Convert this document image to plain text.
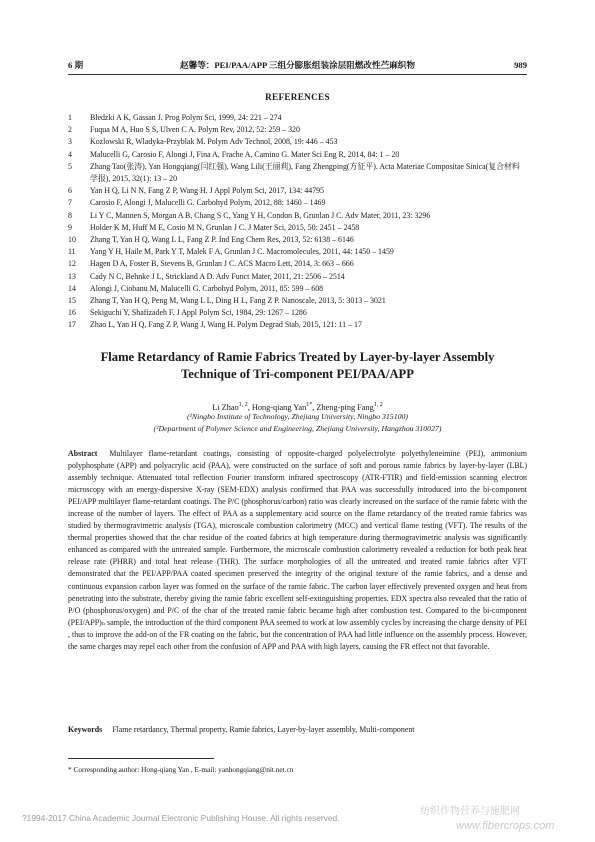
6 期	赵馨等：PEI/PAA/APP 三组分膨胀组装涂层阻燃改性苎麻织物	989
REFERENCES
1 Bledzki A K, Gassan J. Prog Polym Sci, 1999, 24: 221 – 274
2 Fuqua M A, Huo S S, Ulven C A. Polym Rev, 2012, 52: 259 – 320
3 Kozlowski R, Wladyka-Przyblak M. Polym Adv Technol, 2008, 19: 446 – 453
4 Malucelli G, Carosio F, Alongi J, Fina A, Frache A, Camino G. Mater Sci Eng R, 2014, 84: 1 – 20
5 Zhang Tao(张涛), Yan Hongqiang(闫红强), Wang Lili(王丽莉), Fang Zhengping(方征平). Acta Materiae Compositae Sinica(复合材料学报), 2015, 32(1): 13 – 20
6 Yan H Q, Li N N, Fang Z P, Wang H. J Appl Polym Sci, 2017, 134: 44795
7 Carosio F, Alongi J, Malucelli G. Carbohyd Polym, 2012, 88: 1460 – 1469
8 Li Y C, Mannen S, Morgan A B, Chang S C, Yang Y H, Condon B, Grunlan J C. Adv Mater, 2011, 23: 3296
9 Holder K M, Huff M E, Cosio M N, Grunlan J C. J Mater Sci, 2015, 50: 2451 – 2458
10 Zhang T, Yan H Q, Wang L L, Fang Z P. Ind Eng Chem Res, 2013, 52: 6138 – 6146
11 Yang Y H, Haile M, Park Y T, Malek F A, Grunlan J C. Macromolecules, 2011, 44: 1450 – 1459
12 Hagen D A, Foster B, Stevens B, Grunlan J C. ACS Macro Lett, 2014, 3: 663 – 666
13 Cady N C, Behnke J L, Strickland A D. Adv Funct Mater, 2011, 21: 2506 – 2514
14 Alongi J, Ciobanu M, Malucelli G. Carbohyd Polym, 2011, 85: 599 – 608
15 Zhang T, Yan H Q, Peng M, Wang L L, Ding H L, Fang Z P. Nanoscale, 2013, 5: 3013 – 3021
16 Sekiguchi Y, Shafizadeh F. J Appl Polym Sci, 1984, 29: 1267 – 1286
17 Zhao L, Yan H Q, Fang Z P, Wang J, Wang H. Polym Degrad Stab, 2015, 121: 11 – 17
Flame Retardancy of Ramie Fabrics Treated by Layer-by-layer Assembly
Technique of Tri-component PEI/PAA/APP
Li Zhao$^{1, 2}$, Hong-qiang Yan$^{1*}$, Zheng-ping Fang$^{1, 2}$
(¹Ningbo Institute of Technology, Zhejiang University, Ningbo 315100)
(²Department of Polymer Science and Engineering, Zhejiang University, Hangzhou 310027)
Abstract Multilayer flame-retardant coatings, consisting of opposite-charged polyelectrolyte polyethyleneimine (PEI), ammonium polyphosphate (APP) and polyacrylic acid (PAA), were constructed on the surface of soft and porous ramie fabrics by layer-by-layer (LBL) assembly technique. Attenuated total reflection Fourier transform infrared spectroscopy (ATR-FTIR) and field-emission scanning electron microscopy with an energy-dispersive X-ray (SEM-EDX) analysis confirmed that PAA was successfully introduced into the bi-component PEI/APP multilayer flame-retardant coatings. The P/C (phosphorus/carbon) ratio was clearly increased on the surface of the ramie fabric with the increase of the number of layers. The effect of PAA as a supplementary acid source on the flame retardancy of the treated ramie fabrics was studied by thermogravimetric analysis (TGA), microscale combustion calorimetry (MCC) and vertical flame testing (VFT). The results of the thermal properties showed that the char residue of the coated fabrics at high temperature during thermogravimetric analysis was significantly enhanced as compared with the untreated sample. Furthermore, the microscale combustion calorimetry revealed a reduction for both peak heat release rate (PHRR) and total heat release (THR). The surface morphologies of all the untreated and treated ramie fabrics after VFT demonstrated that the PEI/APP/PAA coated specimen preserved the integrity of the original texture of the ramie fabrics, and a dense and continuous expansion carbon layer was formed on the surface of the ramie fabric. The carbon layer effectively prevented oxygen and heat from penetrating into the substrate, thereby giving the ramie fabric excellent self-extinguishing properties. EDX spectra also revealed that the ratio of P/O (phosphorus/oxygen) and P/C of the char of the treated ramie fabric became high after combustion test. Compared to the bi-component (PEI/APP)ₙ sample, the introduction of the third component PAA seemed to work at low assembly cycles by increasing the charge density of PEI , thus to improve the add-on of the FR coating on the fabric, but the concentration of PAA had little influence on the assembly process. However, the same charges may repel each other from the confusion of APP and PAA with high layers, causing the FR effect not that favorable.
Keywords Flame retardancy, Thermal property, Ramie fabrics, Layer-by-layer assembly, Multi-component
* Corresponding author: Hong-qiang Yan , E-mail: yanhongqiang@nit.net.cn
?1994-2017 China Academic Journal Electronic Publishing House. All rights reserved.
纺织作物营养与施肥网
www.fibercrops.com
